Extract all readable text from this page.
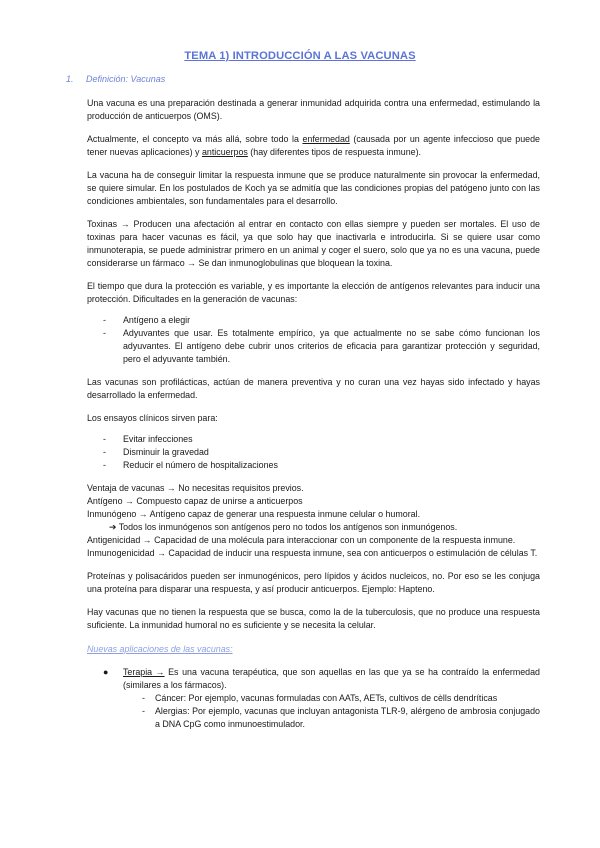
TEMA 1) INTRODUCCIÓN A LAS VACUNAS
1. Definición: Vacunas

Una vacuna es una preparación destinada a generar inmunidad adquirida contra una enfermedad, estimulando la producción de anticuerpos (OMS).

Actualmente, el concepto va más allá, sobre todo la enfermedad (causada por un agente infeccioso que puede tener nuevas aplicaciones) y anticuerpos (hay diferentes tipos de respuesta inmune).

La vacuna ha de conseguir limitar la respuesta inmune que se produce naturalmente sin provocar la enfermedad, se quiere simular. En los postulados de Koch ya se admitía que las condiciones propias del patógeno junto con las condiciones ambientales, son fundamentales para el desarrollo.

Toxinas → Producen una afectación al entrar en contacto con ellas siempre y pueden ser mortales. El uso de toxinas para hacer vacunas es fácil, ya que solo hay que inactivarla e introducirla. Si se quiere usar como inmunoterapia, se puede administrar primero en un animal y coger el suero, solo que ya no es una vacuna, puede considerarse un fármaco → Se dan inmunoglobulinas que bloquean la toxina.

El tiempo que dura la protección es variable, y es importante la elección de antígenos relevantes para inducir una protección. Dificultades en la generación de vacunas:

- Antígeno a elegir
- Adyuvantes que usar. Es totalmente empírico, ya que actualmente no se sabe cómo funcionan los adyuvantes. El antígeno debe cubrir unos criterios de eficacia para garantizar protección y seguridad, pero el adyuvante también.

Las vacunas son profilácticas, actúan de manera preventiva y no curan una vez hayas sido infectado y hayas desarrollado la enfermedad.

Los ensayos clínicos sirven para:

- Evitar infecciones
- Disminuir la gravedad
- Reducir el número de hospitalizaciones

Ventaja de vacunas → No necesitas requisitos previos.

Antígeno → Compuesto capaz de unirse a anticuerpos

Inmunógeno → Antígeno capaz de generar una respuesta inmune celular o humoral.

➔ Todos los inmunógenos son antígenos pero no todos los antígenos son inmunógenos.

Antigenicidad → Capacidad de una molécula para interaccionar con un componente de la respuesta inmune.

Inmunogenicidad → Capacidad de inducir una respuesta inmune, sea con anticuerpos o estimulación de células T.

Proteínas y polisacáridos pueden ser inmunogénicos, pero lípidos y ácidos nucleicos, no. Por eso se les conjuga una proteína para disparar una respuesta, y así producir anticuerpos. Ejemplo: Hapteno.

Hay vacunas que no tienen la respuesta que se busca, como la de la tuberculosis, que no produce una respuesta suficiente. La inmunidad humoral no es suficiente y se necesita la celular.

Nuevas aplicaciones de las vacunas:
● Terapia → Es una vacuna terapéutica, que son aquellas en las que ya se ha contraído la enfermedad (similares a los fármacos).
- Cáncer: Por ejemplo, vacunas formuladas con AATs, AETs, cultivos de cèlls dendríticas
- Alergias: Por ejemplo, vacunas que incluyan antagonista TLR-9, alérgeno de ambrosia conjugado a DNA CpG como inmunoestimulador.
